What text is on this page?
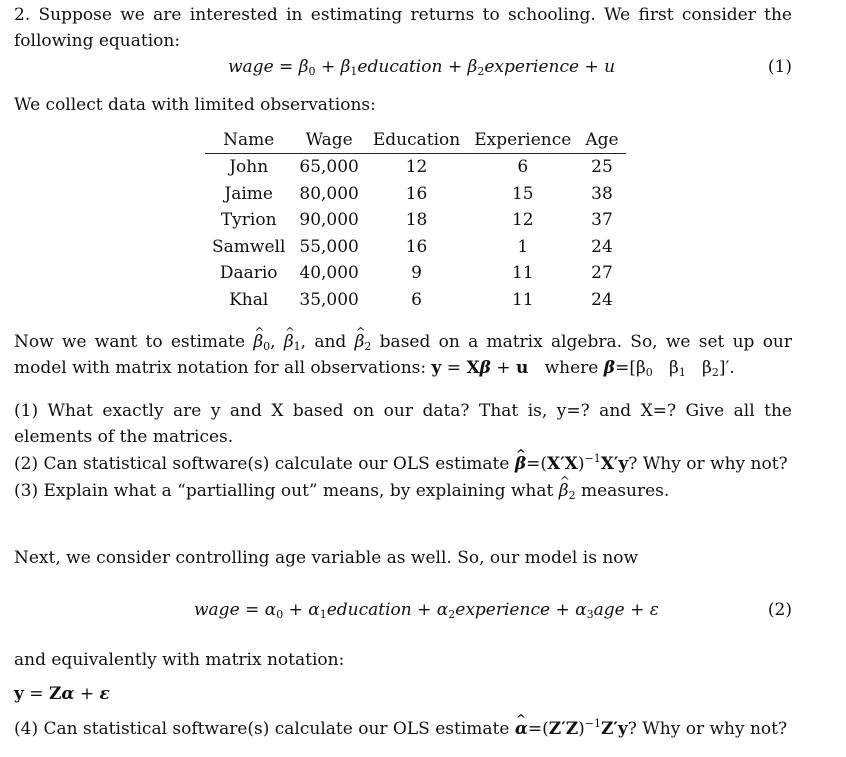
2. Suppose we are interested in estimating returns to schooling. We first consider the following equation:
wage = $\beta_0$ + $\beta_1education$ + $\beta_2experience + u$	(1)
We collect data with limited observations:
Name	Wage	Education	Experience	Age
John	65,000	12	6	25
Jaime	80,000	16	15	38
Tyrion	90,000	18	12	37
Samwell	55,000	16	1	24
Daario	40,000	9	11	27
Khal	35,000	6	11	24
Now we want to estimate ^ $\beta_0$, ^ $\beta_1$, and ^ $\beta_2$ based on a matrix algebra. So, we set up our model with matrix notation for all observations: y = Xβ + u where $\beta=[\beta_0$   $\beta_1$   $\beta_2]'$.
(1) What exactly are y and X based on our data? That is, y=? and X=? Give all the elements of the matrices.
(2) Can statistical software(s) calculate our OLS estimate ^ $\beta=(X'X)^{-1}X'y$? Why or why not?
(3) Explain what a “partialling out” means, by explaining what ^ $\beta_2$ measures.
Next, we consider controlling age variable as well. So, our model is now
wage = $\alpha_0$ + $\alpha_1education$ + $\alpha_2experience + \alpha_3age + \varepsilon$	(2)
and equivalently with matrix notation:
y = Zα + ε
(4) Can statistical software(s) calculate our OLS estimate ^ $\alpha=(Z'Z)^{-1}Z'y$? Why or why not?
